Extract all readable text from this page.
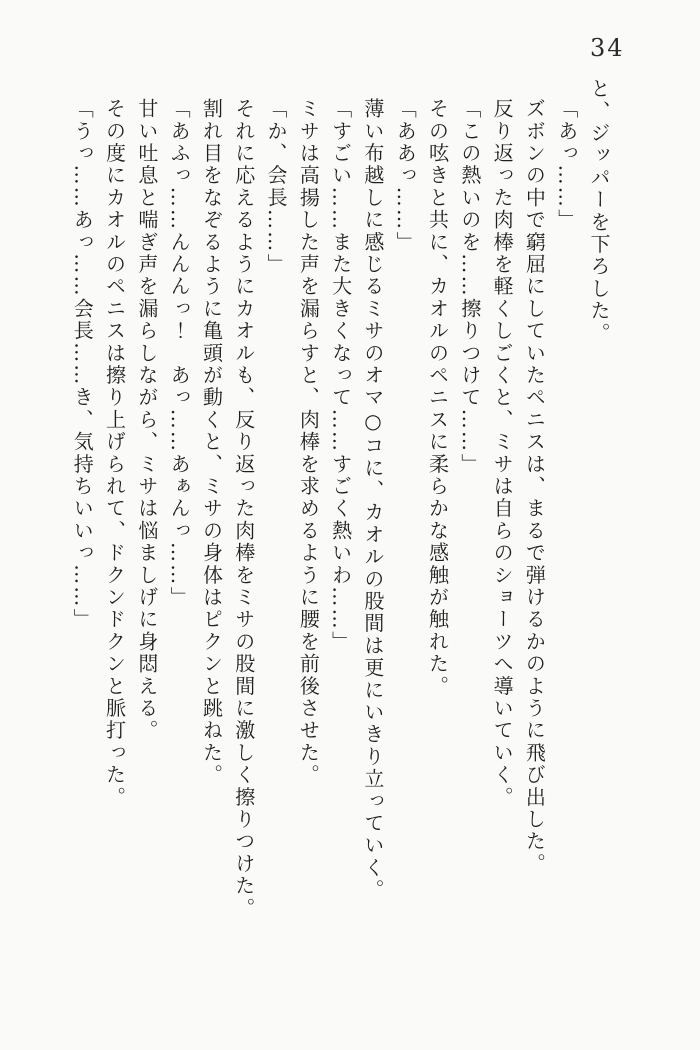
34

と、ジッパーを下ろした。

「あっ……」

ズボンの中で窮屈にしていたペニスは、まるで弾けるかのように飛び出した。

反り返った肉棒を軽くしごくと、ミサは自らのショーツへ導いていく。

「この熱いのを……擦りつけて……」

その呟きと共に、カオルのペニスに柔らかな感触が触れた。

「ああっ……」

薄い布越しに感じるミサのオマ○コに、カオルの股間は更にいきり立っていく。

「すごい……また大きくなって……すごく熱いわ……」

ミサは高揚した声を漏らすと、肉棒を求めるように腰を前後させた。

「か、会長……」

それに応えるようにカオルも、反り返った肉棒をミサの股間に激しく擦りつけた。

割れ目をなぞるように亀頭が動くと、ミサの身体はピクンと跳ねた。

「あふっ……んんんっ！　あっ……あぁんっ……」

甘い吐息と喘ぎ声を漏らしながら、ミサは悩ましげに身悶える。

その度にカオルのペニスは擦り上げられて、ドクンドクンと脈打った。

「うっ……あっ……会長……き、気持ちいいっ……」
